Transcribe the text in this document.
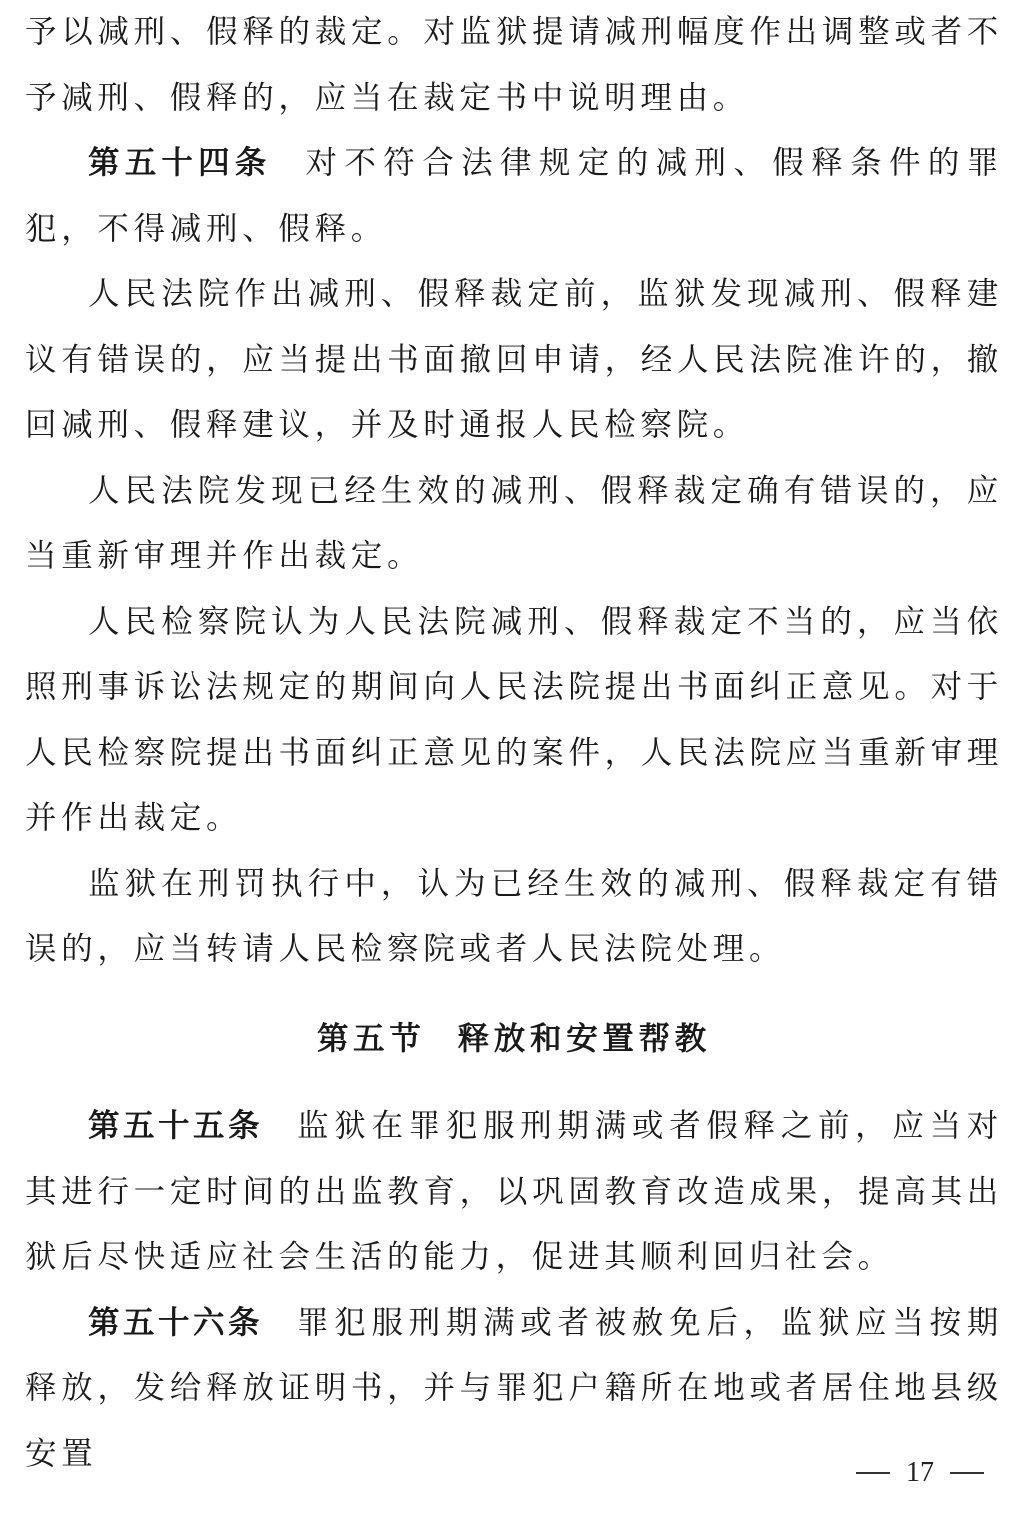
予以减刑、假释的裁定。对监狱提请减刑幅度作出调整或者不予减刑、假释的，应当在裁定书中说明理由。

第五十四条 对不符合法律规定的减刑、假释条件的罪犯，不得减刑、假释。

人民法院作出减刑、假释裁定前，监狱发现减刑、假释建议有错误的，应当提出书面撤回申请，经人民法院准许的，撤回减刑、假释建议，并及时通报人民检察院。

人民法院发现已经生效的减刑、假释裁定确有错误的，应当重新审理并作出裁定。

人民检察院认为人民法院减刑、假释裁定不当的，应当依照刑事诉讼法规定的期间向人民法院提出书面纠正意见。对于人民检察院提出书面纠正意见的案件，人民法院应当重新审理并作出裁定。

监狱在刑罚执行中，认为已经生效的减刑、假释裁定有错误的，应当转请人民检察院或者人民法院处理。

第五节 释放和安置帮教

第五十五条 监狱在罪犯服刑期满或者假释之前，应当对其进行一定时间的出监教育，以巩固教育改造成果，提高其出狱后尽快适应社会生活的能力，促进其顺利回归社会。

第五十六条 罪犯服刑期满或者被赦免后，监狱应当按期释放，发给释放证明书，并与罪犯户籍所在地或者居住地县级安置

17
